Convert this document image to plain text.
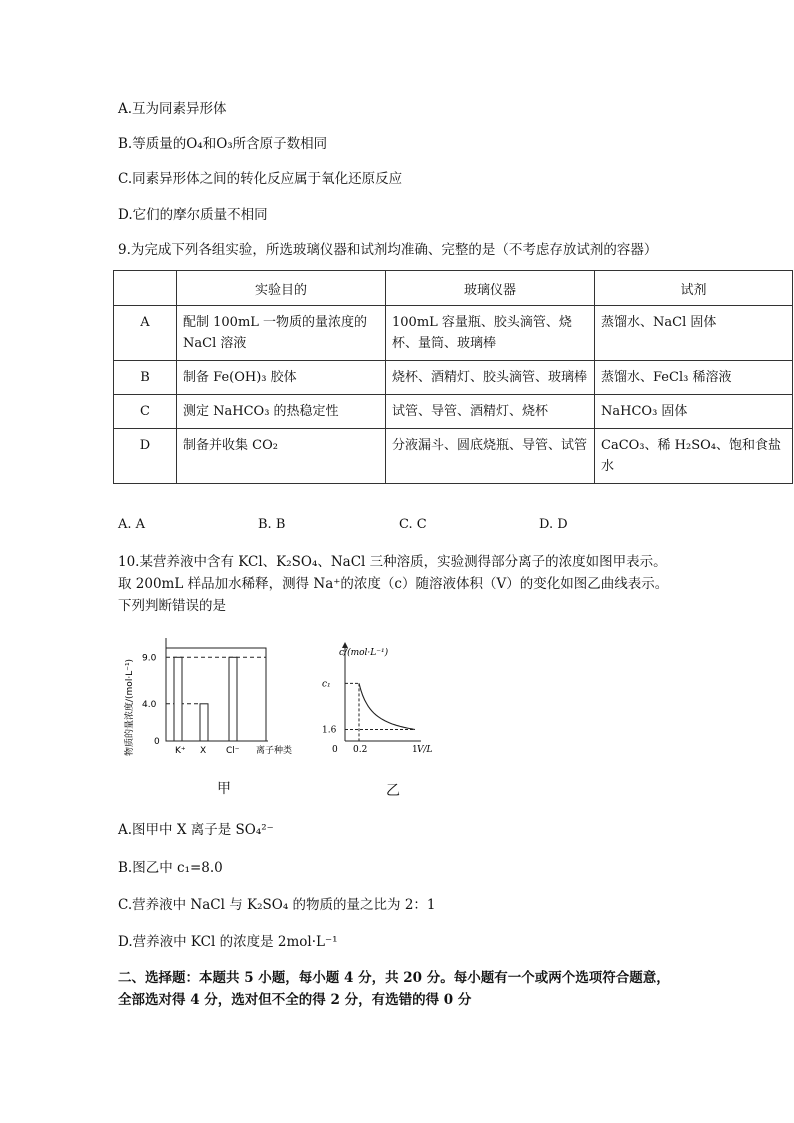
A.互为同素异形体
B.等质量的O₄和O₃所含原子数相同
C.同素异形体之间的转化反应属于氧化还原反应
D.它们的摩尔质量不相同
9.为完成下列各组实验，所选玻璃仪器和试剂均准确、完整的是（不考虑存放试剂的容器）
	实验目的	玻璃仪器	试剂
A	配制 100mL 一物质的量浓度的 NaCl 溶液	100mL 容量瓶、胶头滴管、烧杯、量筒、玻璃棒	蒸馏水、NaCl 固体
B	制备 Fe(OH)₃ 胶体	烧杯、酒精灯、胶头滴管、玻璃棒	蒸馏水、FeCl₃ 稀溶液
C	测定 NaHCO₃ 的热稳定性	试管、导管、酒精灯、烧杯	NaHCO₃ 固体
D	制备并收集 CO₂	分液漏斗、圆底烧瓶、导管、试管	CaCO₃、稀 H₂SO₄、饱和食盐水
A. A	B. B	C. C	D. D
10.某营养液中含有 KCl、K₂SO₄、NaCl 三种溶质，实验测得部分离子的浓度如图甲表示。
取 200mL 样品加水稀释，测得 Na⁺的浓度（c）随溶液体积（V）的变化如图乙曲线表示。
下列判断错误的是
物质的量浓度/(mol·L⁻¹) 0
4.0
9.0
K⁺ X Cl⁻ 离子种类
c/(mol·L⁻¹)
c₁
1.6
0 0.2	1 V/L
甲	乙
A.图甲中 X 离子是 SO₄²⁻
B.图乙中 c₁=8.0
C.营养液中 NaCl 与 K₂SO₄ 的物质的量之比为 2：1
D.营养液中 KCl 的浓度是 2mol·L⁻¹
二、选择题：本题共 5 小题，每小题 4 分，共 20 分。每小题有一个或两个选项符合题意，
全部选对得 4 分，选对但不全的得 2 分，有选错的得 0 分
